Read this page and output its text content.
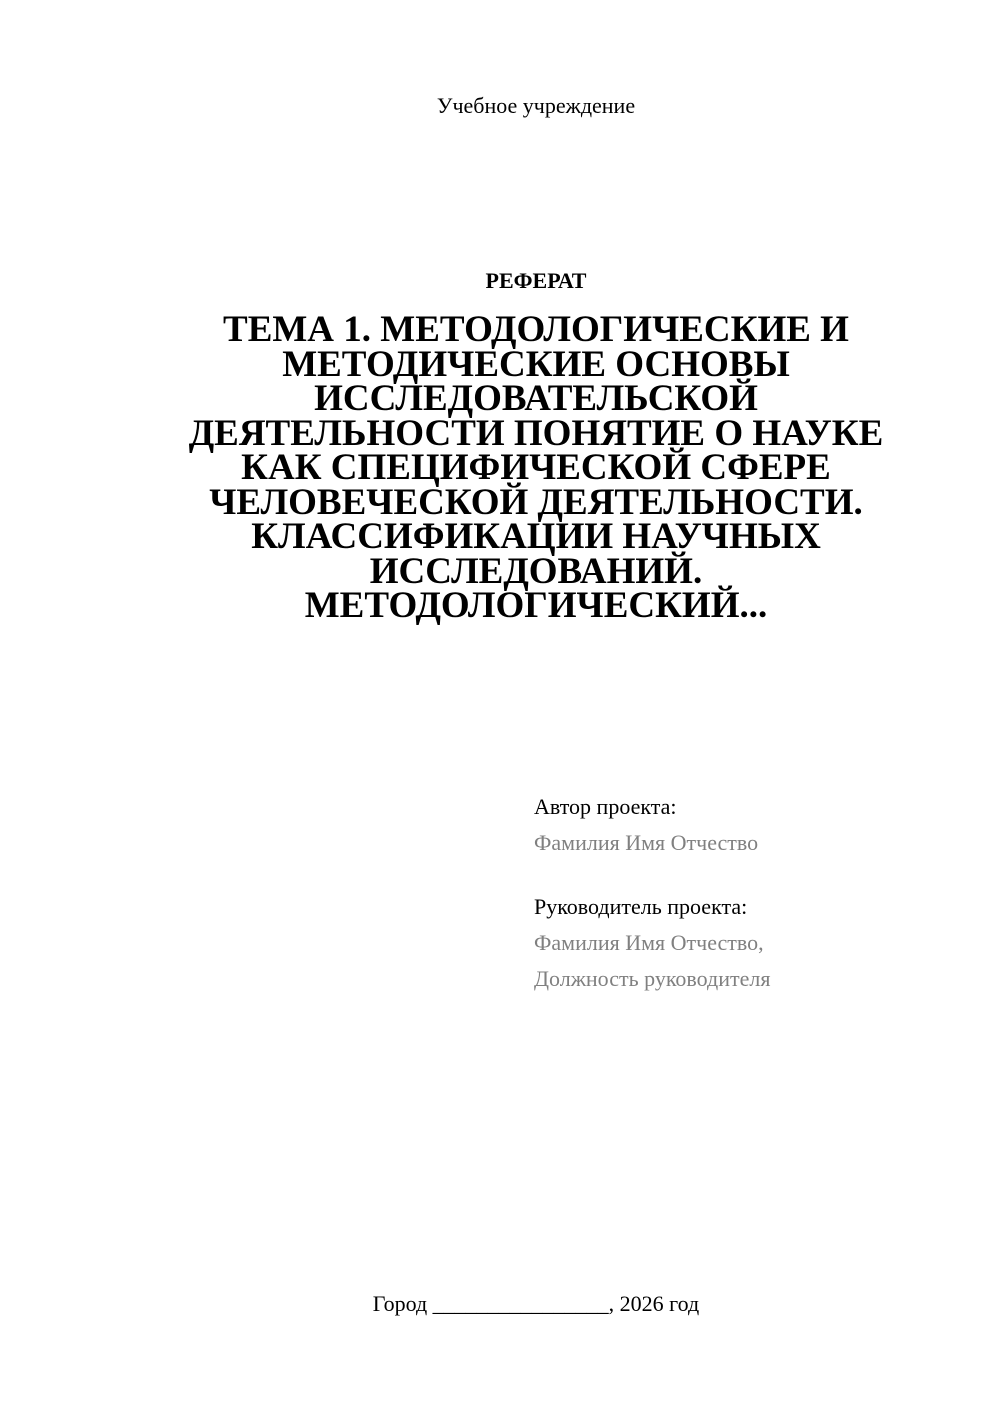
Учебное учреждение
РЕФЕРАТ
ТЕМА 1. МЕТОДОЛОГИЧЕСКИЕ И
МЕТОДИЧЕСКИЕ ОСНОВЫ
ИССЛЕДОВАТЕЛЬСКОЙ
ДЕЯТЕЛЬНОСТИ ПОНЯТИЕ О НАУКЕ
КАК СПЕЦИФИЧЕСКОЙ СФЕРЕ
ЧЕЛОВЕЧЕСКОЙ ДЕЯТЕЛЬНОСТИ.
КЛАССИФИКАЦИИ НАУЧНЫХ
ИССЛЕДОВАНИЙ.
МЕТОДОЛОГИЧЕСКИЙ...
Автор проекта:
Фамилия Имя Отчество
Руководитель проекта:
Фамилия Имя Отчество,
Должность руководителя
Город ________________, 2026 год
